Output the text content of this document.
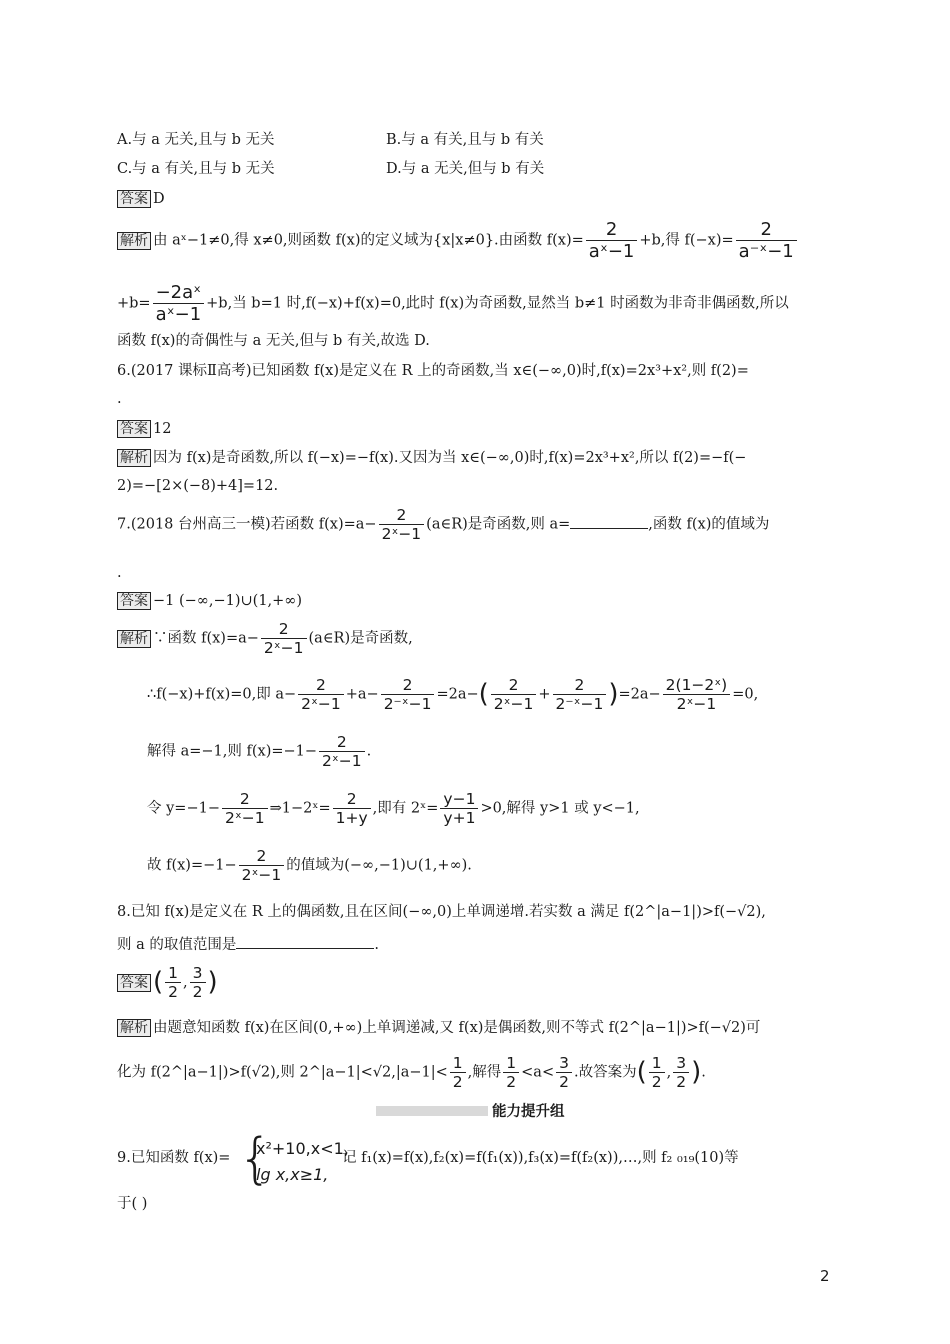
A.与 a 无关,且与 b 无关	B.与 a 有关,且与 b 有关
C.与 a 有关,且与 b 无关	D.与 a 无关,但与 b 有关
答案 D
解析 由 aˣ−1≠0,得 x≠0,则函数 f(x)的定义域为{x|x≠0}.由函数 $f(x)= \frac{2}{\text{aˣ−1}} +b$,得 $f(-x)= \frac{2}{\text{a⁻ˣ−1}}$
$+b= \frac{\text{−2aˣ}}{\text{aˣ−1}} +b$,当 b=1 时,f(−x)+f(x)=0,此时 f(x)为奇函数,显然当 b≠1 时函数为非奇非偶函数,所以
函数 f(x)的奇偶性与 a 无关,但与 b 有关,故选 D.
6.(2017 课标Ⅱ高考)已知函数 f(x)是定义在 R 上的奇函数,当 x∈(−∞,0)时,f(x)=2x³+x²,则 f(2)=
.
答案 12
解析 因为 f(x)是奇函数,所以 f(−x)=−f(x).又因为当 x∈(−∞,0)时,f(x)=2x³+x²,所以 f(2)=−f(−
2)=−[2×(−8)+4]=12.
7.(2018 台州高三一模)若函数 $f(x)=a- \frac{2}{\text{2ˣ−1}}$ (a∈R)是奇函数,则 a=	,函数 f(x)的值域为
.
答案 −1 (−∞,−1)∪(1,+∞)
解析 ∵函数 $f(x)=a- \frac{2}{\text{2ˣ−1}}$ (a∈R)是奇函数,
∴f(−x)+f(x)=0,即 $a- \frac{2}{\text{2ˣ−1}} +a- \frac{2}{\text{2⁻ˣ−1}} =2a-( \frac{2}{\text{2ˣ−1}} + \frac{2}{\text{2⁻ˣ−1}} )=2a- \frac{\text{2(1−2ˣ)}}{\text{2ˣ−1}} =0$,
解得 a=−1,则 $f(x)=-1- \frac{2}{\text{2ˣ−1}}$ .
令 $y=-1- \frac{2}{\text{2ˣ−1}}$ ⇒1−2ˣ= $\frac{2}{1+y}$ ,即有 2ˣ= $\frac{y-1}{y+1} >0$,解得 y>1 或 y<−1,
故 $f(x)=-1- \frac{2}{\text{2ˣ−1}}$ 的值域为(−∞,−1)∪(1,+∞).
8.已知 f(x)是定义在 R 上的偶函数,且在区间(−∞,0)上单调递增.若实数 a 满足 f(2^|a−1|)>f(−√2),
则 a 的取值范围是	.
答案 ( $\frac{1}{2}$ , $\frac{3}{2}$ )
解析 由题意知函数 f(x)在区间(0,+∞)上单调递减,又 f(x)是偶函数,则不等式 f(2^|a−1|)>f(−√2)可
化为 f(2^|a−1|)>f(√2),则 2^|a−1|<√2,|a−1|< $\frac{1}{2}$ ,解得 $\frac{1}{2} <a< \frac{3}{2}$ .故答案为( $\frac{1}{2}$ , $\frac{3}{2}$ ).
能力提升组
9.已知函数 f(x)= {
x²+10,x<1,
lg x,x≥1,
记 f₁(x)=f(x),f₂(x)=f(f₁(x)),f₃(x)=f(f₂(x)),…,则 f₂ ₀₁₉(10)等
于( )
2
